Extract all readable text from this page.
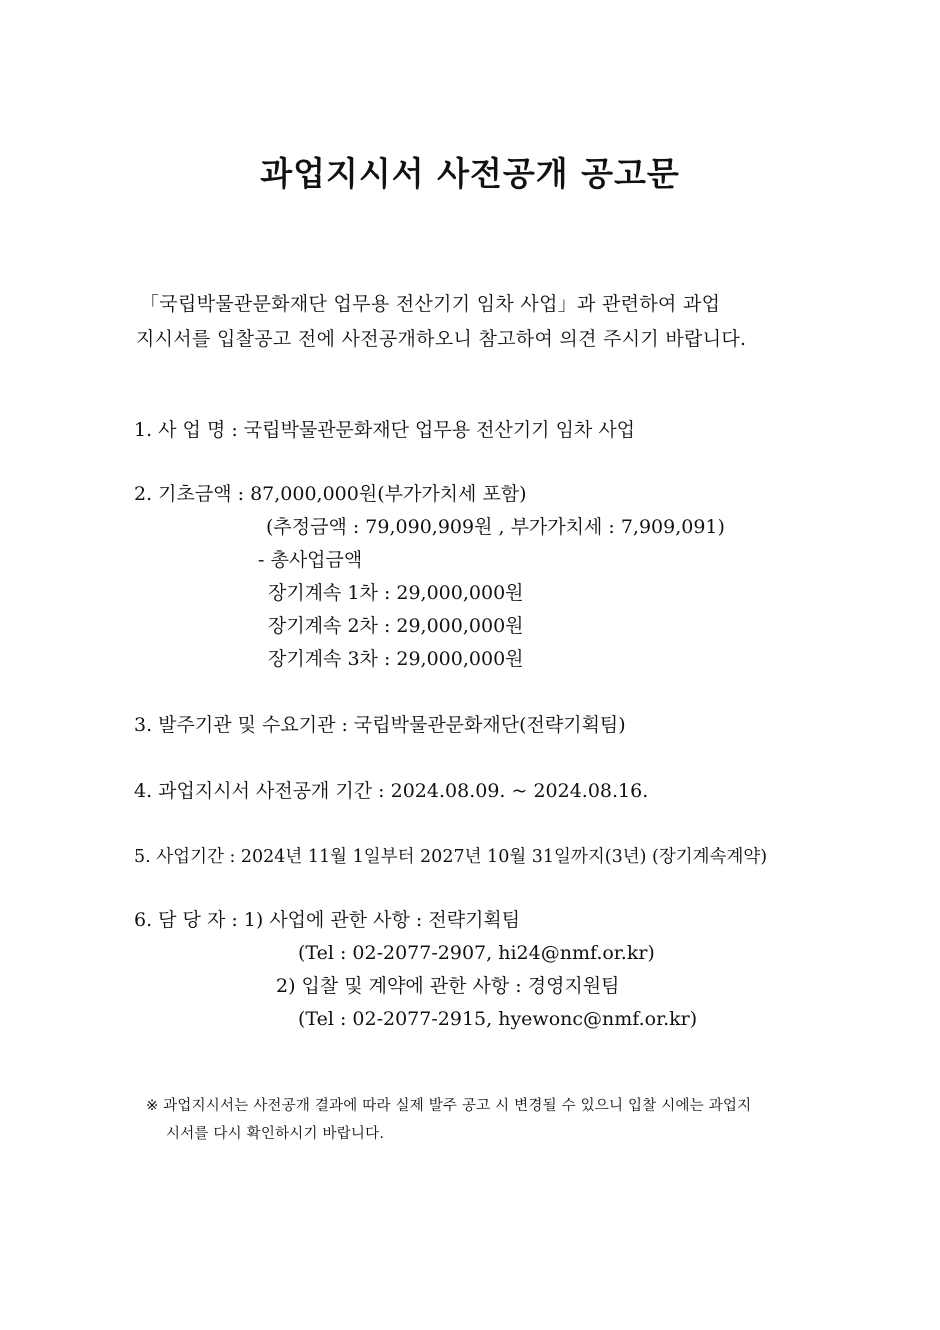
과업지시서 사전공개 공고문
「국립박물관문화재단 업무용 전산기기 임차 사업」과 관련하여 과업
지시서를 입찰공고 전에 사전공개하오니 참고하여 의견 주시기 바랍니다.
1. 사 업 명 : 국립박물관문화재단 업무용 전산기기 임차 사업
2. 기초금액 : 87,000,000원(부가가치세 포함)
(추정금액 : 79,090,909원 , 부가가치세 : 7,909,091)
- 총사업금액
장기계속 1차 : 29,000,000원
장기계속 2차 : 29,000,000원
장기계속 3차 : 29,000,000원
3. 발주기관 및 수요기관 : 국립박물관문화재단(전략기획팀)
4. 과업지시서 사전공개 기간 : 2024.08.09. ~ 2024.08.16.
5. 사업기간 : 2024년 11월 1일부터 2027년 10월 31일까지(3년) (장기계속계약)
6. 담 당 자 : 1) 사업에 관한 사항 : 전략기획팀
(Tel : 02-2077-2907, hi24@nmf.or.kr)
2) 입찰 및 계약에 관한 사항 : 경영지원팀
(Tel : 02-2077-2915, hyewonc@nmf.or.kr)
※ 과업지시서는 사전공개 결과에 따라 실제 발주 공고 시 변경될 수 있으니 입찰 시에는 과업지
시서를 다시 확인하시기 바랍니다.
